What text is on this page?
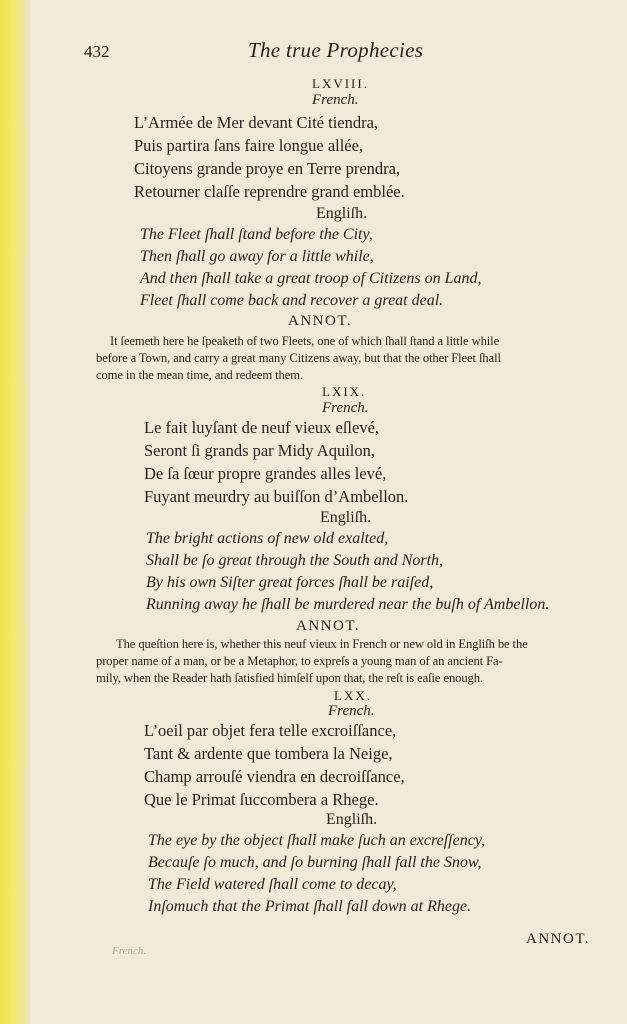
432	The true Prophecies
LXVIII.
French.
L’Armée de Mer devant Cité tiendra,
Puis partira ſans faire longue allée,
Citoyens grande proye en Terre prendra,
Retourner claſſe reprendre grand emblée.
Engliſh.
The Fleet ſhall ſtand before the City,
Then ſhall go away for a little while,
And then ſhall take a great troop of Citizens on Land,
Fleet ſhall come back and recover a great deal.
ANNOT.
It ſeemeth here he ſpeaketh of two Fleets, one of which ſhall ſtand a little while
before a Town, and carry a great many Citizens away, but that the other Fleet ſhall
come in the mean time, and redeem them.
LXIX.
French.
Le fait luyſant de neuf vieux eſlevé,
Seront ſi grands par Midy Aquilon,
De ſa ſœur propre grandes alles levé,
Fuyant meurdry au buiſſon d’Ambellon.
Engliſh.
The bright actions of new old exalted,
Shall be ſo great through the South and North,
By his own Siſter great forces ſhall be raiſed,
Running away he ſhall be murdered near the buſh of Ambellon.
ANNOT.
The queſtion here is, whether this neuf vieux in French or new old in Engliſh be the
proper name of a man, or be a Metaphor, to expreſs a young man of an ancient Fa-
mily, when the Reader hath ſatisfied himſelf upon that, the reſt is eaſie enough.
LXX.
French.
L’oeil par objet fera telle excroiſſance,
Tant & ardente que tombera la Neige,
Champ arrouſé viendra en decroiſſance,
Que le Primat ſuccombera a Rhege.
Engliſh.
The eye by the object ſhall make ſuch an excreſſency,
Becauſe ſo much, and ſo burning ſhall fall the Snow,
The Field watered ſhall come to decay,
Inſomuch that the Primat ſhall fall down at Rhege.
French.
ANNOT.
